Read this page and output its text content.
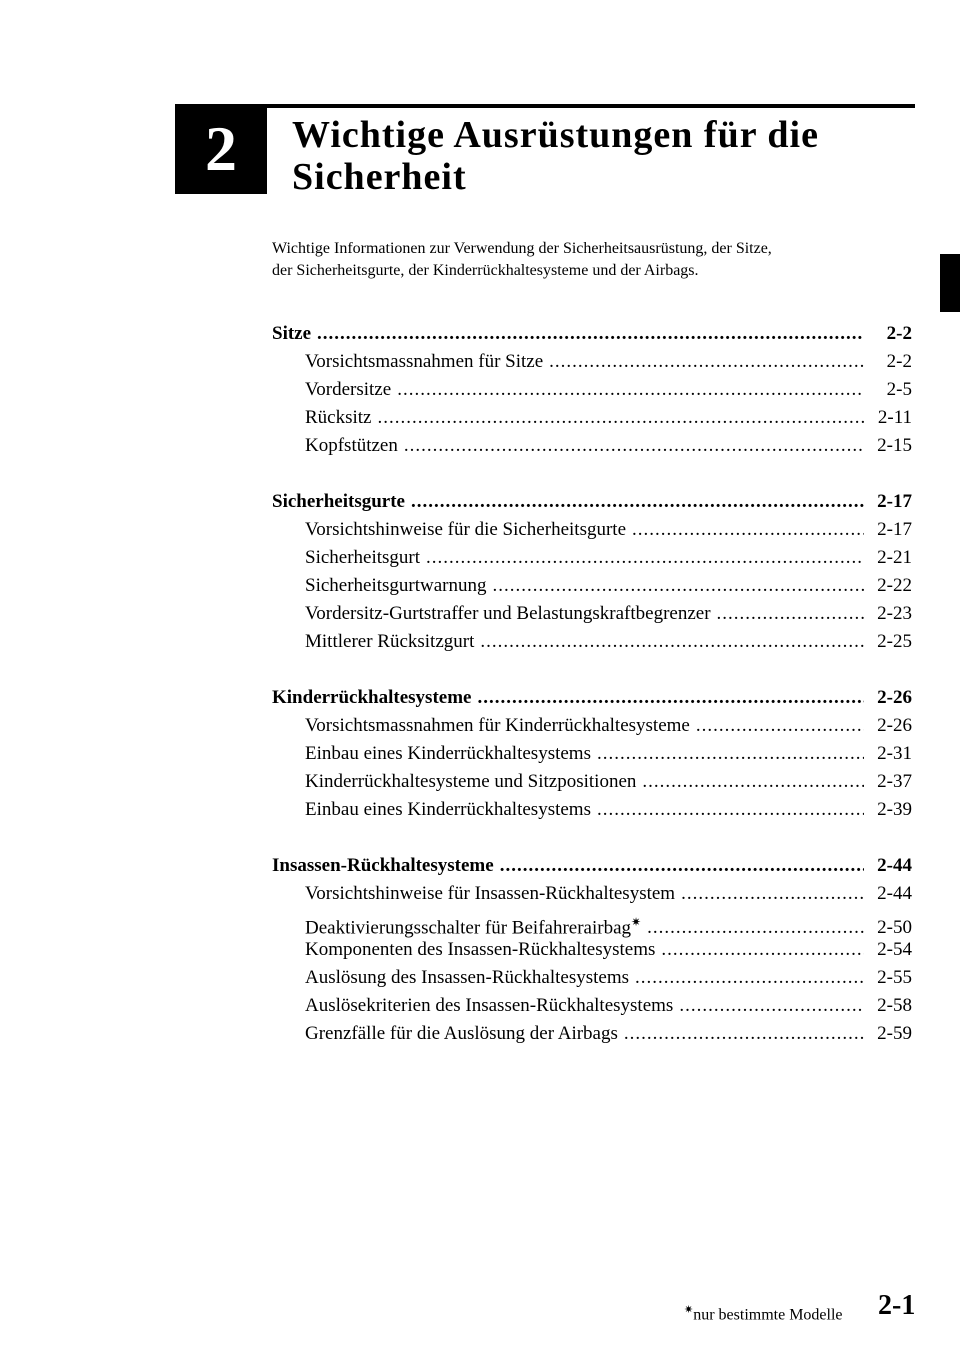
2	Wichtige Ausrüstungen für die
Sicherheit

Wichtige Informationen zur Verwendung der Sicherheitsausrüstung, der Sitze,
der Sicherheitsgurte, der Kinderrückhaltesysteme und der Airbags.

Sitze .....	2-2
Vorsichtsmassnahmen für Sitze .....	2-2
Vordersitze .....	2-5
Rücksitz .....	2-11
Kopfstützen .....	2-15
Sicherheitsgurte .....	2-17
Vorsichtshinweise für die Sicherheitsgurte .....	2-17
Sicherheitsgurt .....	2-21
Sicherheitsgurtwarnung .....	2-22
Vordersitz-Gurtstraffer und Belastungskraftbegrenzer .....	2-23
Mittlerer Rücksitzgurt .....	2-25
Kinderrückhaltesysteme .....	2-26
Vorsichtsmassnahmen für Kinderrückhaltesysteme .....	2-26
Einbau eines Kinderrückhaltesystems .....	2-31
Kinderrückhaltesysteme und Sitzpositionen .....	2-37
Einbau eines Kinderrückhaltesystems .....	2-39
Insassen-Rückhaltesysteme .....	2-44
Vorsichtshinweise für Insassen-Rückhaltesystem .....	2-44
Deaktivierungsschalter für Beifahrerairbag✷ .....	2-50
Komponenten des Insassen-Rückhaltesystems .....	2-54
Auslösung des Insassen-Rückhaltesystems .....	2-55
Auslösekriterien des Insassen-Rückhaltesystems .....	2-58
Grenzfälle für die Auslösung der Airbags .....	2-59
✷nur bestimmte Modelle 2-1
